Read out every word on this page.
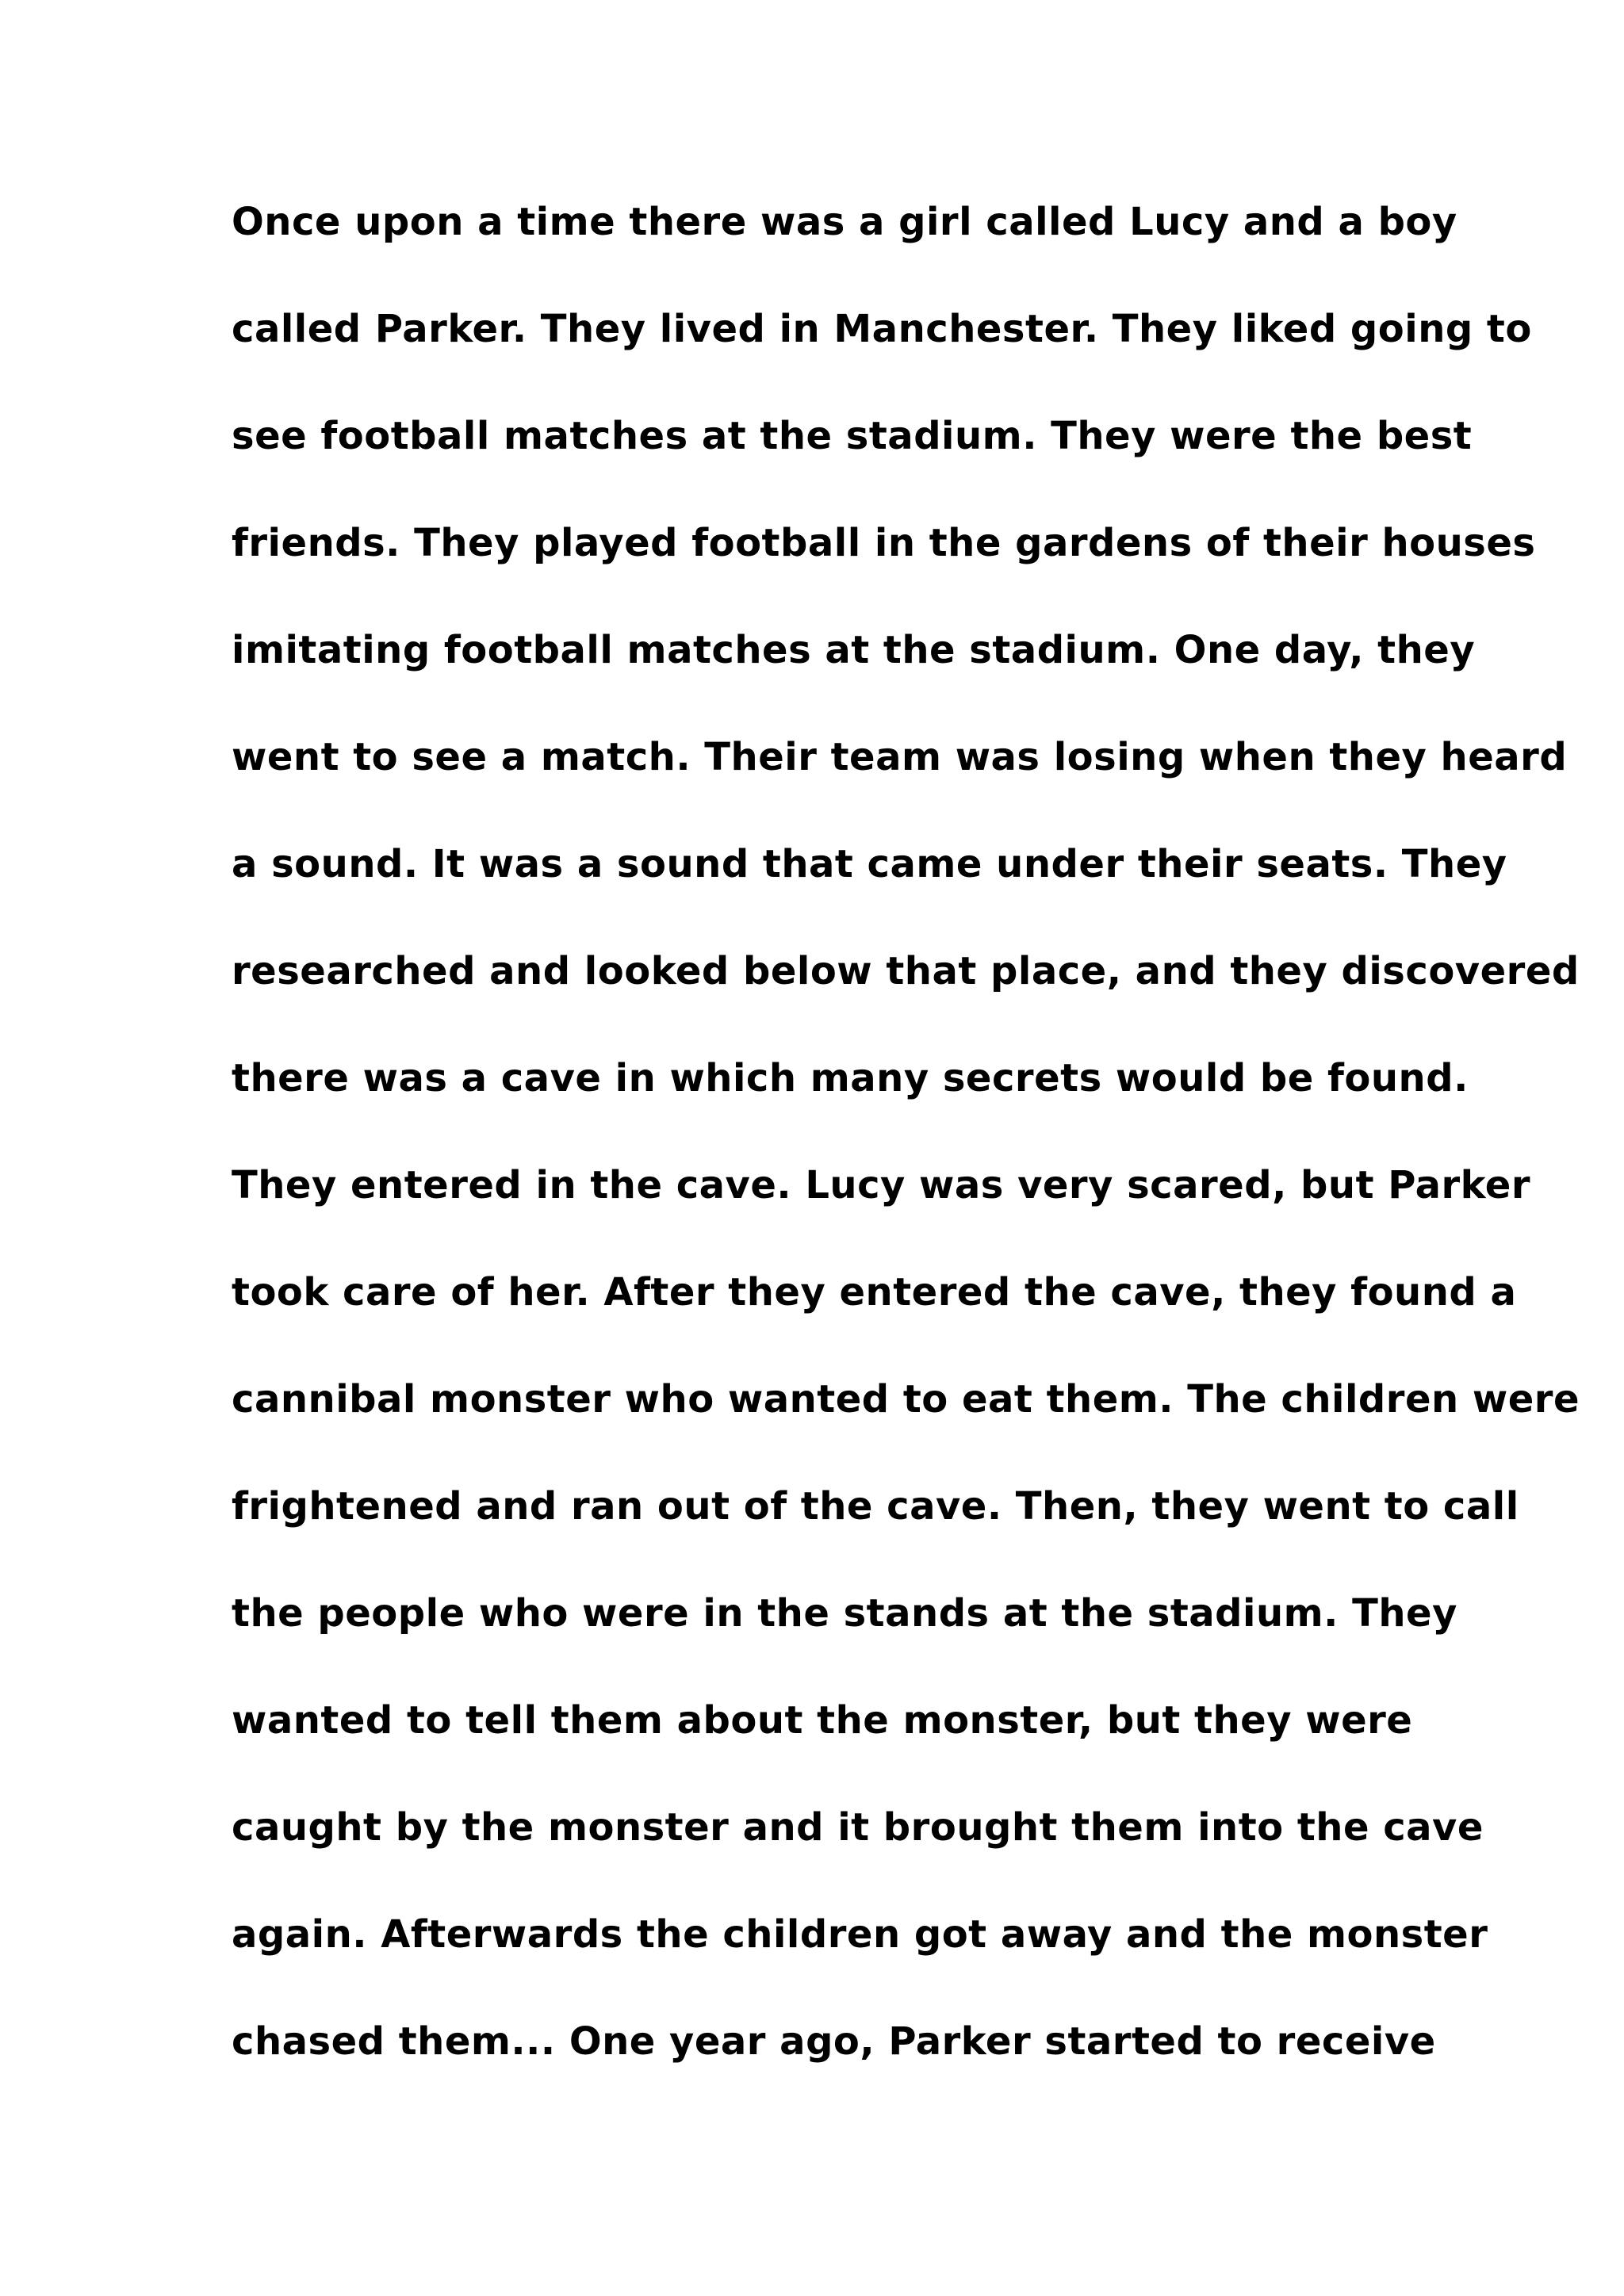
Once upon a time there was a girl called Lucy and a boy
called Parker. They lived in Manchester. They liked going to
see football matches at the stadium. They were the best
friends. They played football in the gardens of their houses
imitating football matches at the stadium. One day, they
went to see a match. Their team was losing when they heard
a sound. It was a sound that came under their seats. They
researched and looked below that place, and they discovered
there was a cave in which many secrets would be found.
They entered in the cave. Lucy was very scared, but Parker
took care of her. After they entered the cave, they found a
cannibal monster who wanted to eat them. The children were
frightened and ran out of the cave. Then, they went to call
the people who were in the stands at the stadium. They
wanted to tell them about the monster, but they were
caught by the monster and it brought them into the cave
again. Afterwards the children got away and the monster
chased them... One year ago, Parker started to receive
